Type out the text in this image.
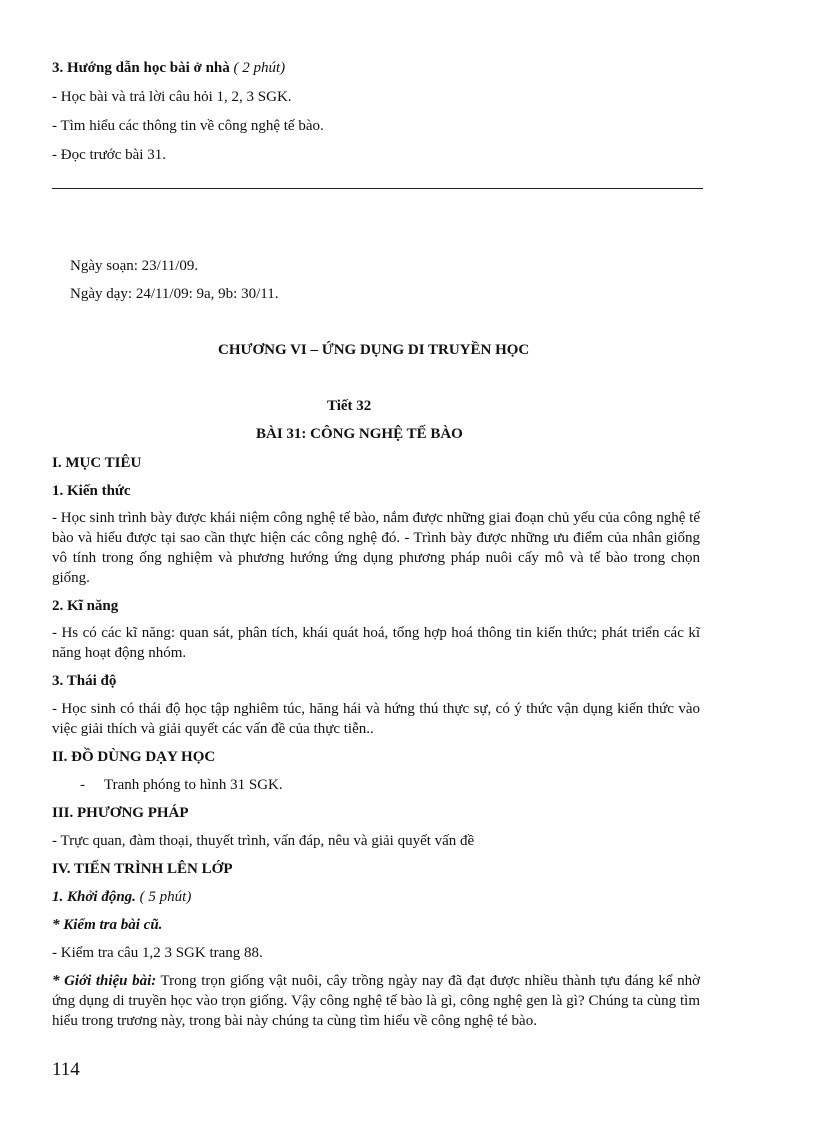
3. Hướng dẫn học bài ở nhà ( 2 phút)
- Học bài và trả lời câu hỏi 1, 2, 3 SGK.
- Tìm hiểu các thông tin về công nghệ tế bào.
- Đọc trước bài 31.
Ngày soạn: 23/11/09.
Ngày dạy: 24/11/09: 9a, 9b: 30/11.
CHƯƠNG VI – ỨNG DỤNG DI TRUYỀN HỌC
Tiết 32
BÀI 31: CÔNG NGHỆ TẾ BÀO
I. MỤC TIÊU
1. Kiến thức
- Học sinh trình bày được khái niệm công nghệ tế bào, nắm được những giai đoạn chủ yếu của công nghệ tế bào và hiểu được tại sao cần thực hiện các công nghệ đó. - Trình bày được những ưu điểm của nhân giống vô tính trong ống nghiệm và phương hướng ứng dụng phương pháp nuôi cấy mô và tế bào trong chọn giống.
2. Kĩ năng
- Hs có các kĩ năng: quan sát, phân tích, khái quát hoá, tổng hợp hoá thông tin kiến thức; phát triển các kĩ năng hoạt động nhóm.
3. Thái độ
- Học sinh có thái độ học tập nghiêm túc, hăng hái và hứng thú thực sự, có ý thức vận dụng kiến thức vào việc giải thích và giải quyết các vấn đề của thực tiễn..
II. ĐỒ DÙNG DẠY HỌC
- Tranh phóng to hình 31 SGK.
III. PHƯƠNG PHÁP
- Trực quan, đàm thoại, thuyết trình, vấn đáp, nêu và giải quyết vấn đề
IV. TIẾN TRÌNH LÊN LỚP
1. Khởi động. ( 5 phút)
* Kiểm tra bài cũ.
- Kiểm tra câu 1,2 3 SGK trang 88.
* Giới thiệu bài: Trong trọn giống vật nuôi, cây trồng ngày nay đã đạt được nhiều thành tựu đáng kể nhờ ứng dụng di truyền học vào trọn giống. Vậy công nghệ tế bào là gì, công nghệ gen là gì? Chúng ta cùng tìm hiểu trong trương này, trong bài này chúng ta cùng tìm hiểu về công nghệ té bào.
114
